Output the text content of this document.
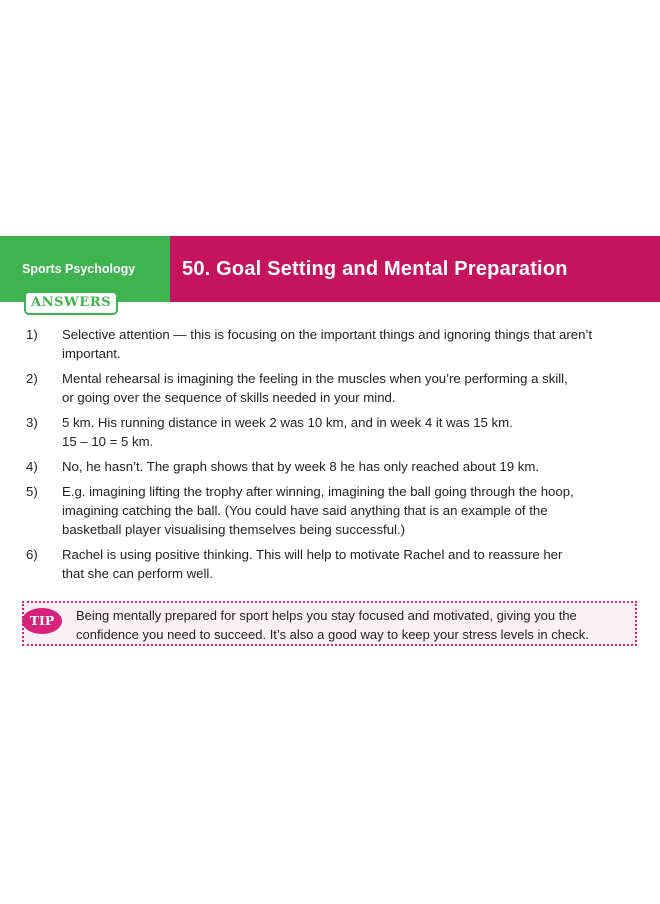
Sports Psychology	50. Goal Setting and Mental Preparation
ANSWERS
1)	Selective attention — this is focusing on the important things and ignoring things that aren’t
important.
2)	Mental rehearsal is imagining the feeling in the muscles when you’re performing a skill,
or going over the sequence of skills needed in your mind.
3)	5 km. His running distance in week 2 was 10 km, and in week 4 it was 15 km.
15 – 10 = 5 km.
4)	No, he hasn’t. The graph shows that by week 8 he has only reached about 19 km.
5)	E.g. imagining lifting the trophy after winning, imagining the ball going through the hoop,
imagining catching the ball. (You could have said anything that is an example of the
basketball player visualising themselves being successful.)
6)	Rachel is using positive thinking. This will help to motivate Rachel and to reassure her
that she can perform well.
TIP	Being mentally prepared for sport helps you stay focused and motivated, giving you the
confidence you need to succeed. It’s also a good way to keep your stress levels in check.
